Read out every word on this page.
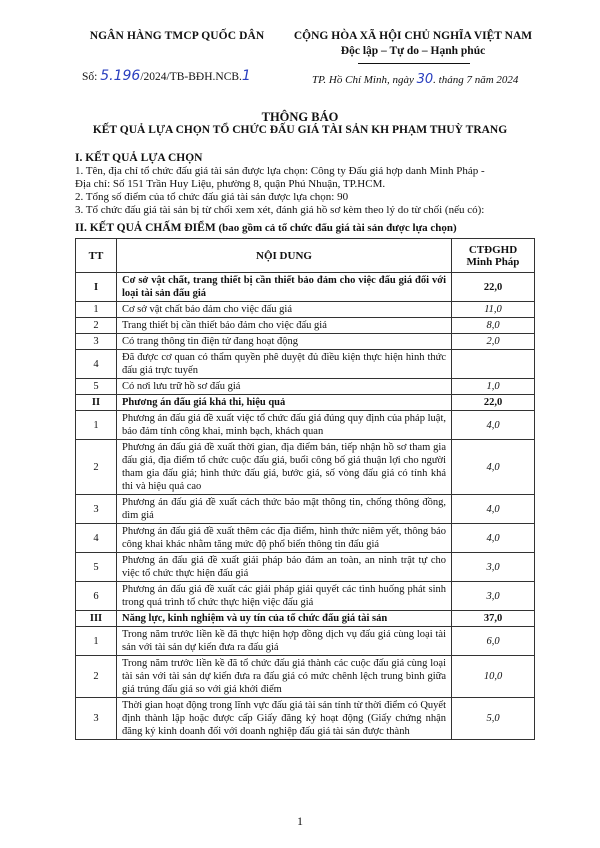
NGÂN HÀNG TMCP QUỐC DÂN	CỘNG HÒA XÃ HỘI CHỦ NGHĨA VIỆT NAM
Độc lập – Tự do – Hạnh phúc
Số: 5.196/2024/TB-BĐH.NCB.1	TP. Hồ Chí Minh, ngày 30. tháng 7 năm 2024
THÔNG BÁO
KẾT QUẢ LỰA CHỌN TỔ CHỨC ĐẤU GIÁ TÀI SẢN KH PHẠM THUỲ TRANG
I. KẾT QUẢ LỰA CHỌN
1. Tên, địa chỉ tổ chức đấu giá tài sản được lựa chọn: Công ty Đấu giá hợp danh Minh Pháp -
Địa chỉ: Số 151 Trần Huy Liệu, phường 8, quận Phú Nhuận, TP.HCM.
2. Tổng số điểm của tổ chức đấu giá tài sản được lựa chọn: 90
3. Tổ chức đấu giá tài sản bị từ chối xem xét, đánh giá hồ sơ kèm theo lý do từ chối (nếu có):
II. KẾT QUẢ CHẤM ĐIỂM (bao gồm cả tổ chức đấu giá tài sản được lựa chọn)
TT	NỘI DUNG	CTĐGHD
Minh Pháp

I	Cơ sở vật chất, trang thiết bị cần thiết bảo đảm cho việc đấu giá đối với loại tài sản đấu giá	22,0
1	Cơ sở vật chất bảo đảm cho việc đấu giá	11,0
2	Trang thiết bị cần thiết bảo đảm cho việc đấu giá	8,0
3	Có trang thông tin điện tử đang hoạt động	2,0
4	Đã được cơ quan có thẩm quyền phê duyệt đủ điều kiện thực hiện hình thức đấu giá trực tuyến	
5	Có nơi lưu trữ hồ sơ đấu giá	1,0
II	Phương án đấu giá khả thi, hiệu quả	22,0
1	Phương án đấu giá đề xuất việc tổ chức đấu giá đúng quy định của pháp luật, bảo đảm tính công khai, minh bạch, khách quan	4,0
2	Phương án đấu giá đề xuất thời gian, địa điểm bán, tiếp nhận hồ sơ tham gia đấu giá, địa điểm tổ chức cuộc đấu giá, buổi công bố giá thuận lợi cho người tham gia đấu giá; hình thức đấu giá, bước giá, số vòng đấu giá có tính khả thi và hiệu quả cao	4,0
3	Phương án đấu giá đề xuất cách thức bảo mật thông tin, chống thông đồng, dìm giá	4,0
4	Phương án đấu giá đề xuất thêm các địa điểm, hình thức niêm yết, thông báo công khai khác nhằm tăng mức độ phổ biến thông tin đấu giá	4,0
5	Phương án đấu giá đề xuất giải pháp bảo đảm an toàn, an ninh trật tự cho việc tổ chức thực hiện đấu giá	3,0
6	Phương án đấu giá đề xuất các giải pháp giải quyết các tình huống phát sinh trong quá trình tổ chức thực hiện việc đấu giá	3,0
III	Năng lực, kinh nghiệm và uy tín của tổ chức đấu giá tài sản	37,0
1	Trong năm trước liền kề đã thực hiện hợp đồng dịch vụ đấu giá cùng loại tài sản với tài sản dự kiến đưa ra đấu giá	6,0
2	Trong năm trước liền kề đã tổ chức đấu giá thành các cuộc đấu giá cùng loại tài sản với tài sản dự kiến đưa ra đấu giá có mức chênh lệch trung bình giữa giá trúng đấu giá so với giá khởi điểm	10,0
3	Thời gian hoạt động trong lĩnh vực đấu giá tài sản tính từ thời điểm có Quyết định thành lập hoặc được cấp Giấy đăng ký hoạt động (Giấy chứng nhận đăng ký kinh doanh đối với doanh nghiệp đấu giá tài sản được thành	5,0
1
